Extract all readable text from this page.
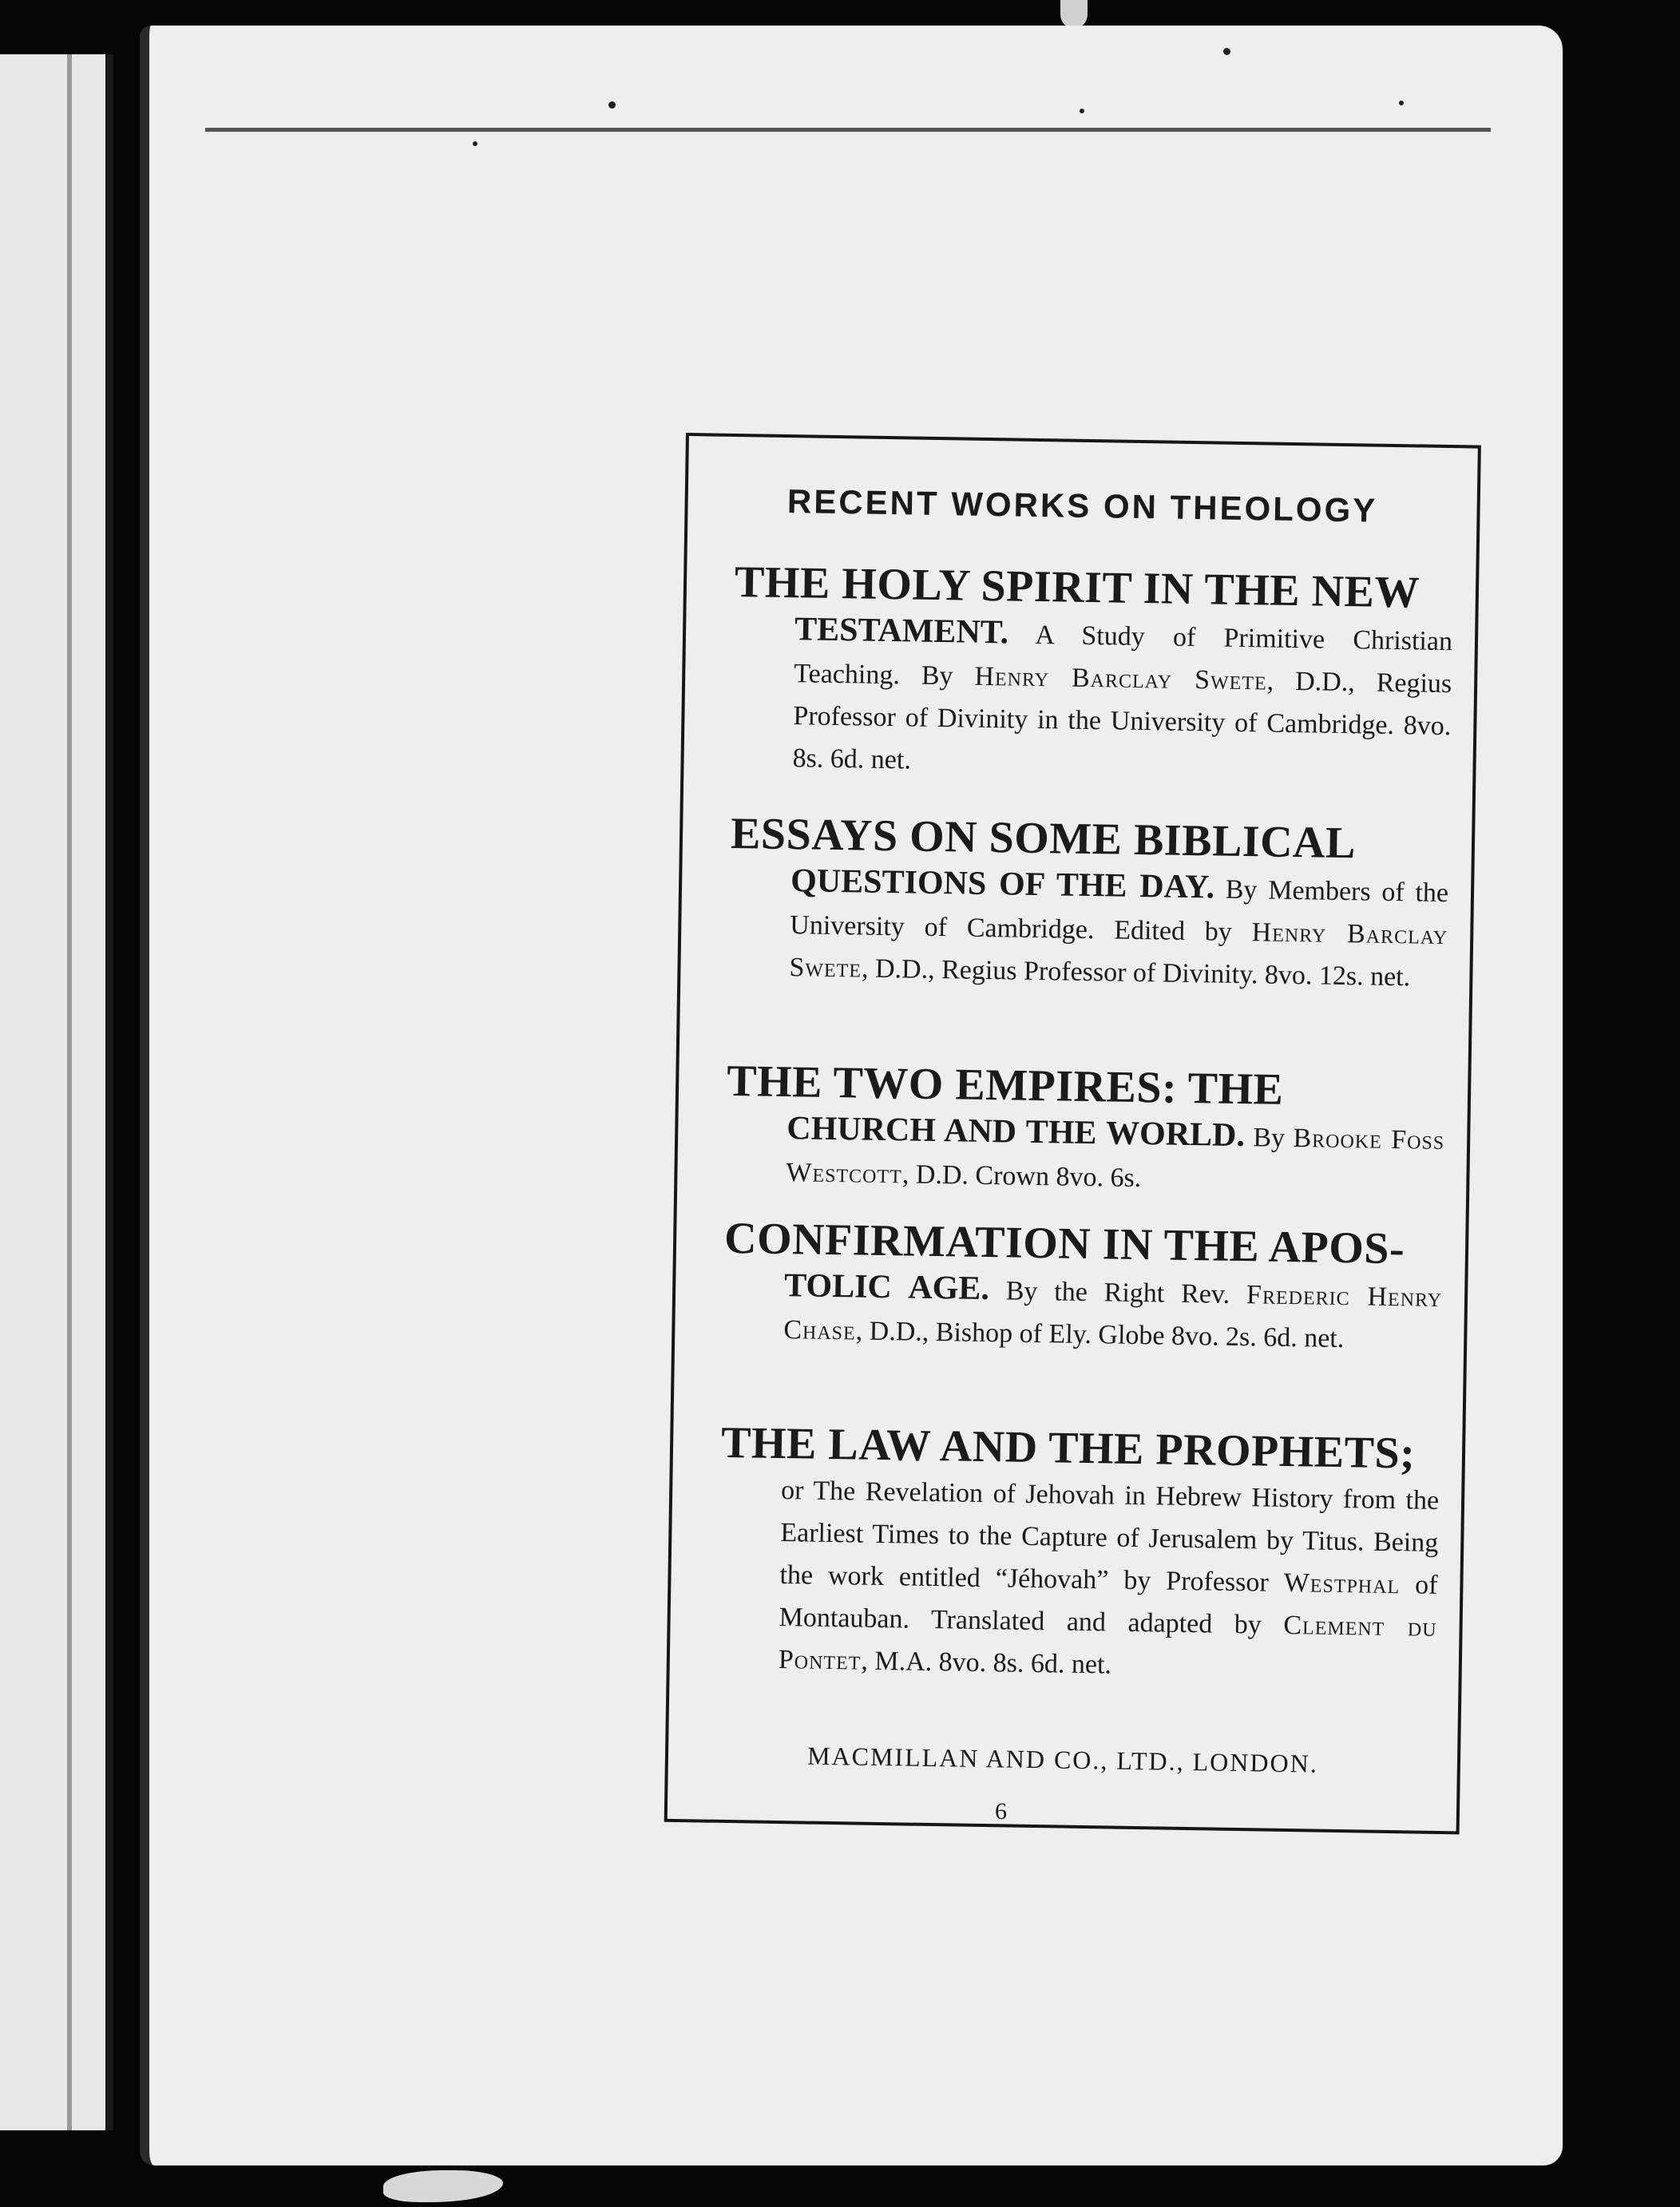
RECENT WORKS ON THEOLOGY

THE HOLY SPIRIT IN THE NEW

TESTAMENT. A Study of Primitive Christian Teaching. By Henry Barclay Swete, D.D., Regius Professor of Divinity in the University of Cambridge. 8vo. 8s. 6d. net.

ESSAYS ON SOME BIBLICAL

QUESTIONS OF THE DAY. By Members of the University of Cambridge. Edited by Henry Barclay Swete, D.D., Regius Professor of Divinity. 8vo. 12s. net.

THE TWO EMPIRES: THE

CHURCH AND THE WORLD. By Brooke Foss Westcott, D.D. Crown 8vo. 6s.

CONFIRMATION IN THE APOS-

TOLIC AGE. By the Right Rev. Frederic Henry Chase, D.D., Bishop of Ely. Globe 8vo. 2s. 6d. net.

THE LAW AND THE PROPHETS;

or The Revelation of Jehovah in Hebrew History from the Earliest Times to the Capture of Jerusalem by Titus. Being the work entitled “Jéhovah” by Professor Westphal of Montauban. Translated and adapted by Clement du Pontet, M.A. 8vo. 8s. 6d. net.

MACMILLAN AND CO., LTD., LONDON.
6
